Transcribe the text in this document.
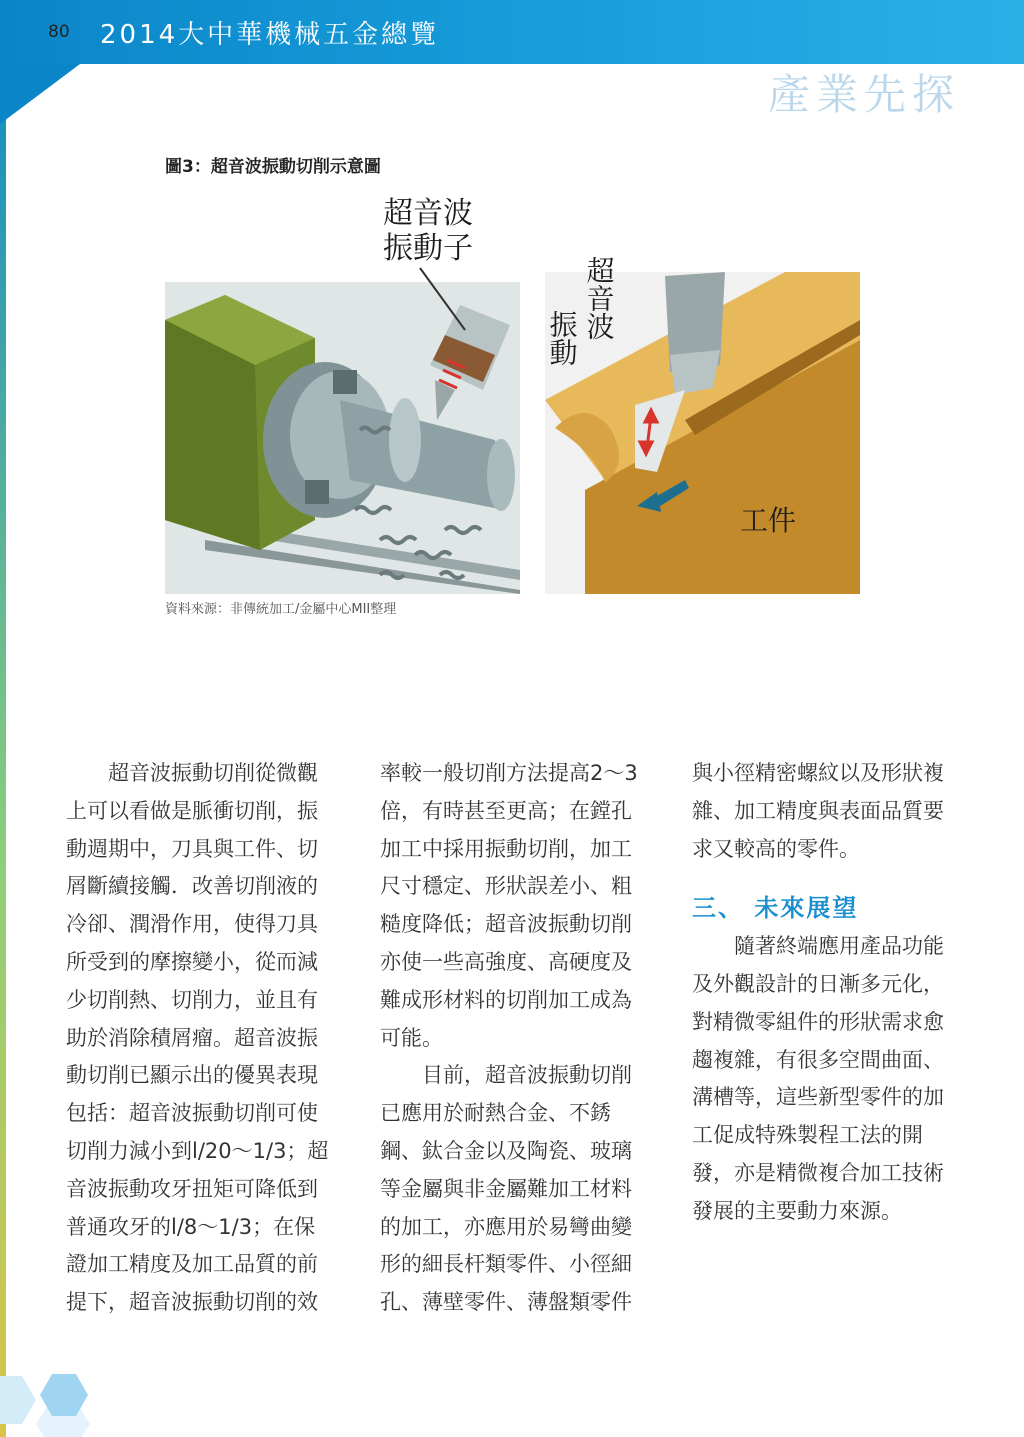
2014大中華機械五金總覽
產業先探
圖3：超音波振動切削示意圖
超音波
振動子
振動 超音波
工件
資料來源：非傳統加工/金屬中心MII整理

超音波振動切削從微觀上可以看做是脈衝切削，振動週期中，刀具與工件、切屑斷續接觸．改善切削液的冷卻、潤滑作用，使得刀具所受到的摩擦變小，從而減少切削熱、切削力，並且有助於消除積屑瘤。超音波振動切削已顯示出的優異表現包括：超音波振動切削可使切削力減小到l/20～1/3；超音波振動攻牙扭矩可降低到普通攻牙的l/8～1/3；在保證加工精度及加工品質的前提下，超音波振動切削的效

率較一般切削方法提高2～3倍，有時甚至更高；在鏜孔加工中採用振動切削，加工尺寸穩定、形狀誤差小、粗糙度降低；超音波振動切削亦使一些高強度、高硬度及難成形材料的切削加工成為可能。

目前，超音波振動切削已應用於耐熱合金、不銹鋼、鈦合金以及陶瓷、玻璃等金屬與非金屬難加工材料的加工，亦應用於易彎曲變形的細長杆類零件、小徑細孔、薄壁零件、薄盤類零件

與小徑精密螺紋以及形狀複雜、加工精度與表面品質要求又較高的零件。

三、 未來展望

隨著終端應用產品功能及外觀設計的日漸多元化，對精微零組件的形狀需求愈趨複雜，有很多空間曲面、溝槽等，這些新型零件的加工促成特殊製程工法的開發，亦是精微複合加工技術發展的主要動力來源。

80
